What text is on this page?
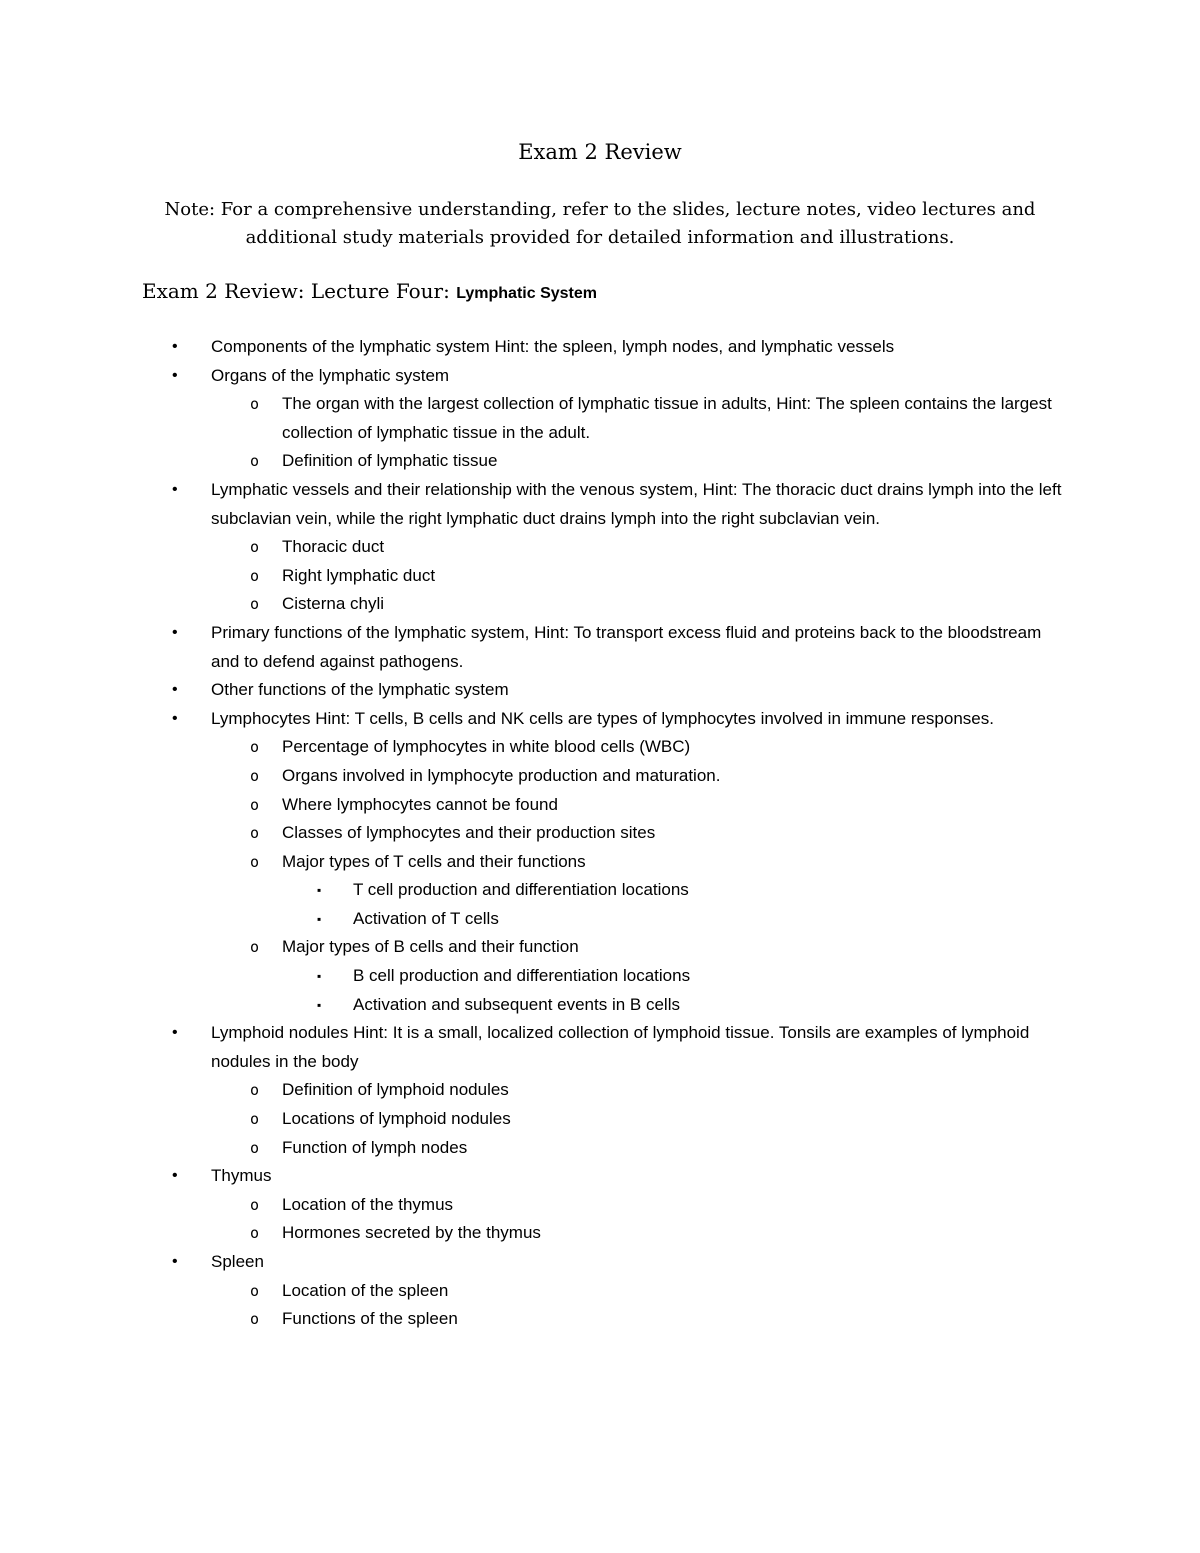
Exam 2 Review

Note: For a comprehensive understanding, refer to the slides, lecture notes, video lectures and additional study materials provided for detailed information and illustrations.

Exam 2 Review: Lecture Four: Lymphatic System
• Components of the lymphatic system Hint: the spleen, lymph nodes, and lymphatic vessels
• Organs of the lymphatic system
o The organ with the largest collection of lymphatic tissue in adults, Hint: The spleen contains the largest collection of lymphatic tissue in the adult.
o Definition of lymphatic tissue
• Lymphatic vessels and their relationship with the venous system, Hint: The thoracic duct drains lymph into the left subclavian vein, while the right lymphatic duct drains lymph into the right subclavian vein.
o Thoracic duct
o Right lymphatic duct
o Cisterna chyli
• Primary functions of the lymphatic system, Hint: To transport excess fluid and proteins back to the bloodstream and to defend against pathogens.
• Other functions of the lymphatic system
• Lymphocytes Hint: T cells, B cells and NK cells are types of lymphocytes involved in immune responses.
o Percentage of lymphocytes in white blood cells (WBC)
o Organs involved in lymphocyte production and maturation.
o Where lymphocytes cannot be found
o Classes of lymphocytes and their production sites
o Major types of T cells and their functions
▪ T cell production and differentiation locations
▪ Activation of T cells
o Major types of B cells and their function
▪ B cell production and differentiation locations
▪ Activation and subsequent events in B cells
• Lymphoid nodules Hint: It is a small, localized collection of lymphoid tissue. Tonsils are examples of lymphoid nodules in the body
o Definition of lymphoid nodules
o Locations of lymphoid nodules
o Function of lymph nodes
• Thymus
o Location of the thymus
o Hormones secreted by the thymus
• Spleen
o Location of the spleen
o Functions of the spleen
